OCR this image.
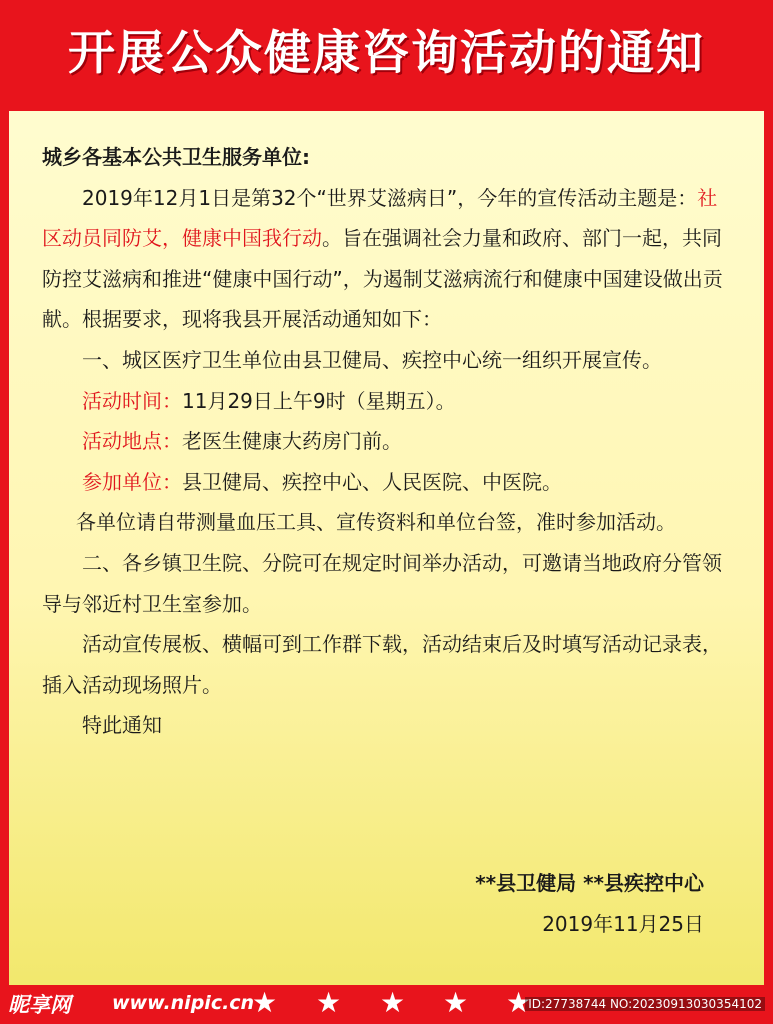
开展公众健康咨询活动的通知

城乡各基本公共卫生服务单位:

2019年12月1日是第32个“世界艾滋病日”，今年的宣传活动主题是：社区动员同防艾，健康中国我行动。旨在强调社会力量和政府、部门一起，共同防控艾滋病和推进“健康中国行动”，为遏制艾滋病流行和健康中国建设做出贡献。根据要求，现将我县开展活动通知如下：

一、城区医疗卫生单位由县卫健局、疾控中心统一组织开展宣传。

活动时间：11月29日上午9时（星期五）。

活动地点：老医生健康大药房门前。

参加单位：县卫健局、疾控中心、人民医院、中医院。

各单位请自带测量血压工具、宣传资料和单位台签，准时参加活动。

二、各乡镇卫生院、分院可在规定时间举办活动，可邀请当地政府分管领导与邻近村卫生室参加。

活动宣传展板、横幅可到工作群下载，活动结束后及时填写活动记录表，插入活动现场照片。

特此通知

**县卫健局 **县疾控中心
2019年11月25日
昵享网 www.nipic.cn
★ ★ ★ ★ ★
ID:27738744 NO:20230913030354102
